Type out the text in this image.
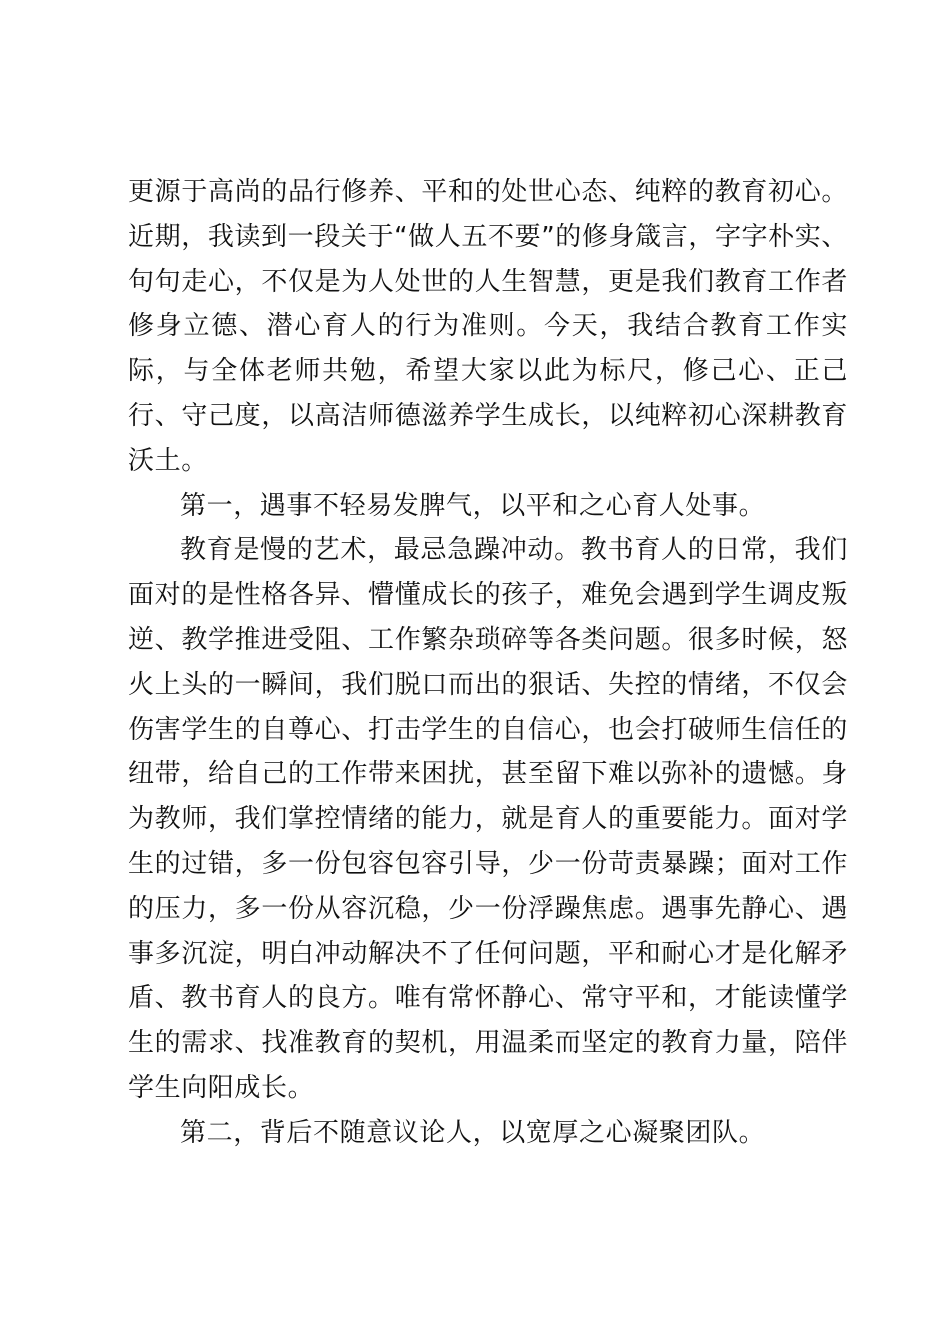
更源于高尚的品行修养、平和的处世心态、纯粹的教育初心。近期，我读到一段关于“做人五不要”的修身箴言，字字朴实、句句走心，不仅是为人处世的人生智慧，更是我们教育工作者修身立德、潜心育人的行为准则。今天，我结合教育工作实际，与全体老师共勉，希望大家以此为标尺，修己心、正己行、守己度，以高洁师德滋养学生成长，以纯粹初心深耕教育沃土。

第一，遇事不轻易发脾气，以平和之心育人处事。

教育是慢的艺术，最忌急躁冲动。教书育人的日常，我们面对的是性格各异、懵懂成长的孩子，难免会遇到学生调皮叛逆、教学推进受阻、工作繁杂琐碎等各类问题。很多时候，怒火上头的一瞬间，我们脱口而出的狠话、失控的情绪，不仅会伤害学生的自尊心、打击学生的自信心，也会打破师生信任的纽带，给自己的工作带来困扰，甚至留下难以弥补的遗憾。身为教师，我们掌控情绪的能力，就是育人的重要能力。面对学生的过错，多一份包容包容引导，少一份苛责暴躁；面对工作的压力，多一份从容沉稳，少一份浮躁焦虑。遇事先静心、遇事多沉淀，明白冲动解决不了任何问题，平和耐心才是化解矛盾、教书育人的良方。唯有常怀静心、常守平和，才能读懂学生的需求、找准教育的契机，用温柔而坚定的教育力量，陪伴学生向阳成长。

第二，背后不随意议论人，以宽厚之心凝聚团队。
